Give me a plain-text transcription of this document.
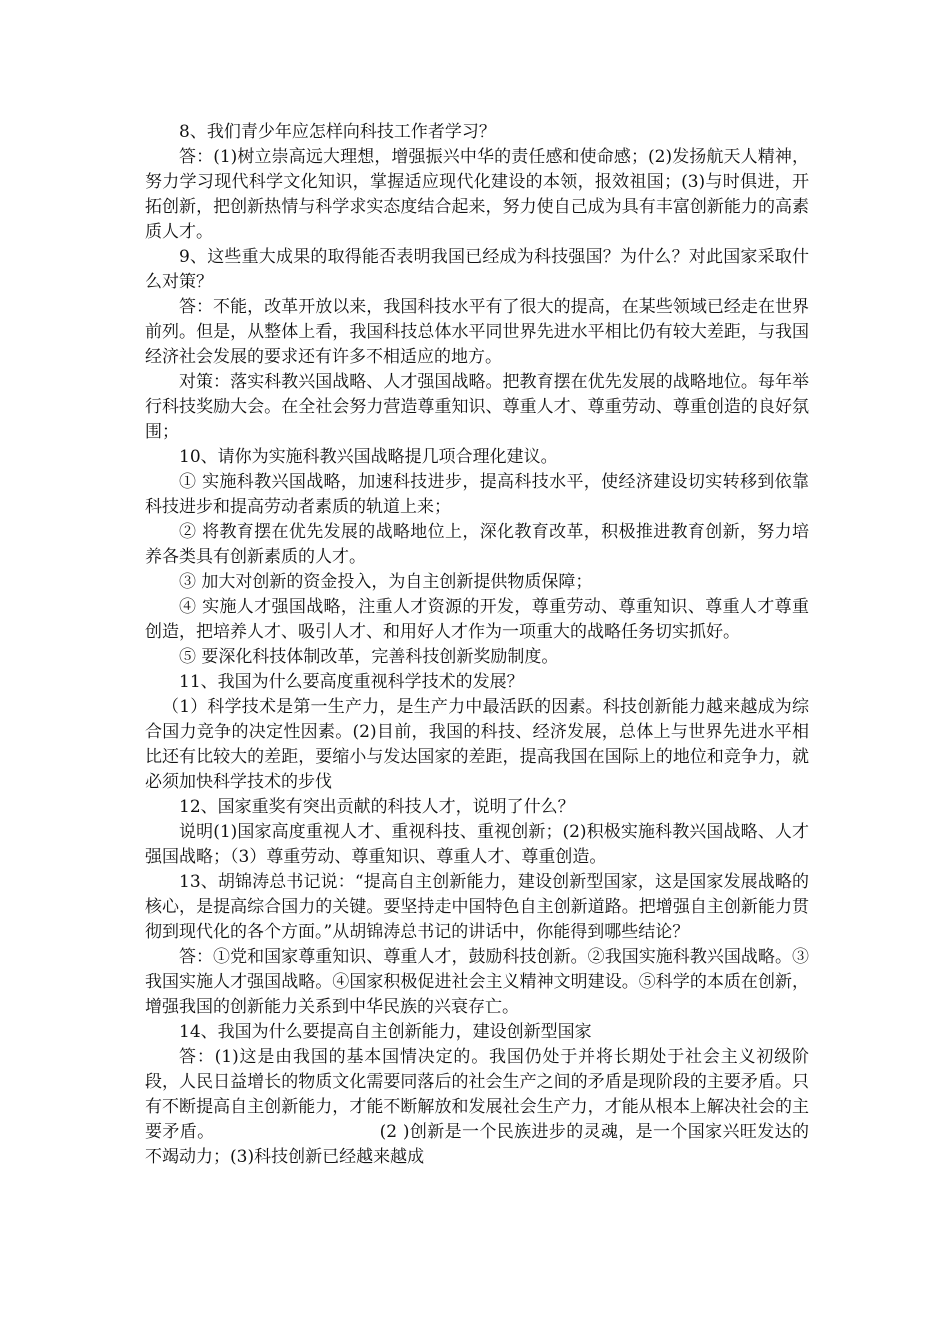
8、我们青少年应怎样向科技工作者学习？

答：(1)树立崇高远大理想，增强振兴中华的责任感和使命感；(2)发扬航天人精神，努力学习现代科学文化知识，掌握适应现代化建设的本领，报效祖国；(3)与时俱进，开拓创新，把创新热情与科学求实态度结合起来，努力使自己成为具有丰富创新能力的高素质人才。

9、这些重大成果的取得能否表明我国已经成为科技强国？为什么？对此国家采取什么对策？

答：不能，改革开放以来，我国科技水平有了很大的提高，在某些领域已经走在世界前列。但是，从整体上看，我国科技总体水平同世界先进水平相比仍有较大差距，与我国经济社会发展的要求还有许多不相适应的地方。

对策：落实科教兴国战略、人才强国战略。把教育摆在优先发展的战略地位。每年举行科技奖励大会。在全社会努力营造尊重知识、尊重人才、尊重劳动、尊重创造的良好氛围；

10、请你为实施科教兴国战略提几项合理化建议。

① 实施科教兴国战略，加速科技进步，提高科技水平，使经济建设切实转移到依靠科技进步和提高劳动者素质的轨道上来；

② 将教育摆在优先发展的战略地位上，深化教育改革，积极推进教育创新，努力培养各类具有创新素质的人才。

③ 加大对创新的资金投入，为自主创新提供物质保障；

④ 实施人才强国战略，注重人才资源的开发，尊重劳动、尊重知识、尊重人才尊重创造，把培养人才、吸引人才、和用好人才作为一项重大的战略任务切实抓好。

⑤ 要深化科技体制改革，完善科技创新奖励制度。

11、我国为什么要高度重视科学技术的发展？

（1）科学技术是第一生产力，是生产力中最活跃的因素。科技创新能力越来越成为综合国力竞争的决定性因素。(2)目前，我国的科技、经济发展，总体上与世界先进水平相比还有比较大的差距，要缩小与发达国家的差距，提高我国在国际上的地位和竞争力，就必须加快科学技术的步伐

12、国家重奖有突出贡献的科技人才，说明了什么？

说明(1)国家高度重视人才、重视科技、重视创新；(2)积极实施科教兴国战略、人才强国战略；（3）尊重劳动、尊重知识、尊重人才、尊重创造。

13、胡锦涛总书记说：“提高自主创新能力，建设创新型国家，这是国家发展战略的核心，是提高综合国力的关键。要坚持走中国特色自主创新道路。把增强自主创新能力贯彻到现代化的各个方面。”从胡锦涛总书记的讲话中，你能得到哪些结论？

答：①党和国家尊重知识、尊重人才，鼓励科技创新。②我国实施科教兴国战略。③我国实施人才强国战略。④国家积极促进社会主义精神文明建设。⑤科学的本质在创新，增强我国的创新能力关系到中华民族的兴衰存亡。

14、我国为什么要提高自主创新能力，建设创新型国家

答：(1)这是由我国的基本国情决定的。我国仍处于并将长期处于社会主义初级阶段，人民日益增长的物质文化需要同落后的社会生产之间的矛盾是现阶段的主要矛盾。只有不断提高自主创新能力，才能不断解放和发展社会生产力，才能从根本上解决社会的主要矛盾。　　　　　　　　　　(2 )创新是一个民族进步的灵魂，是一个国家兴旺发达的不竭动力；(3)科技创新已经越来越成
